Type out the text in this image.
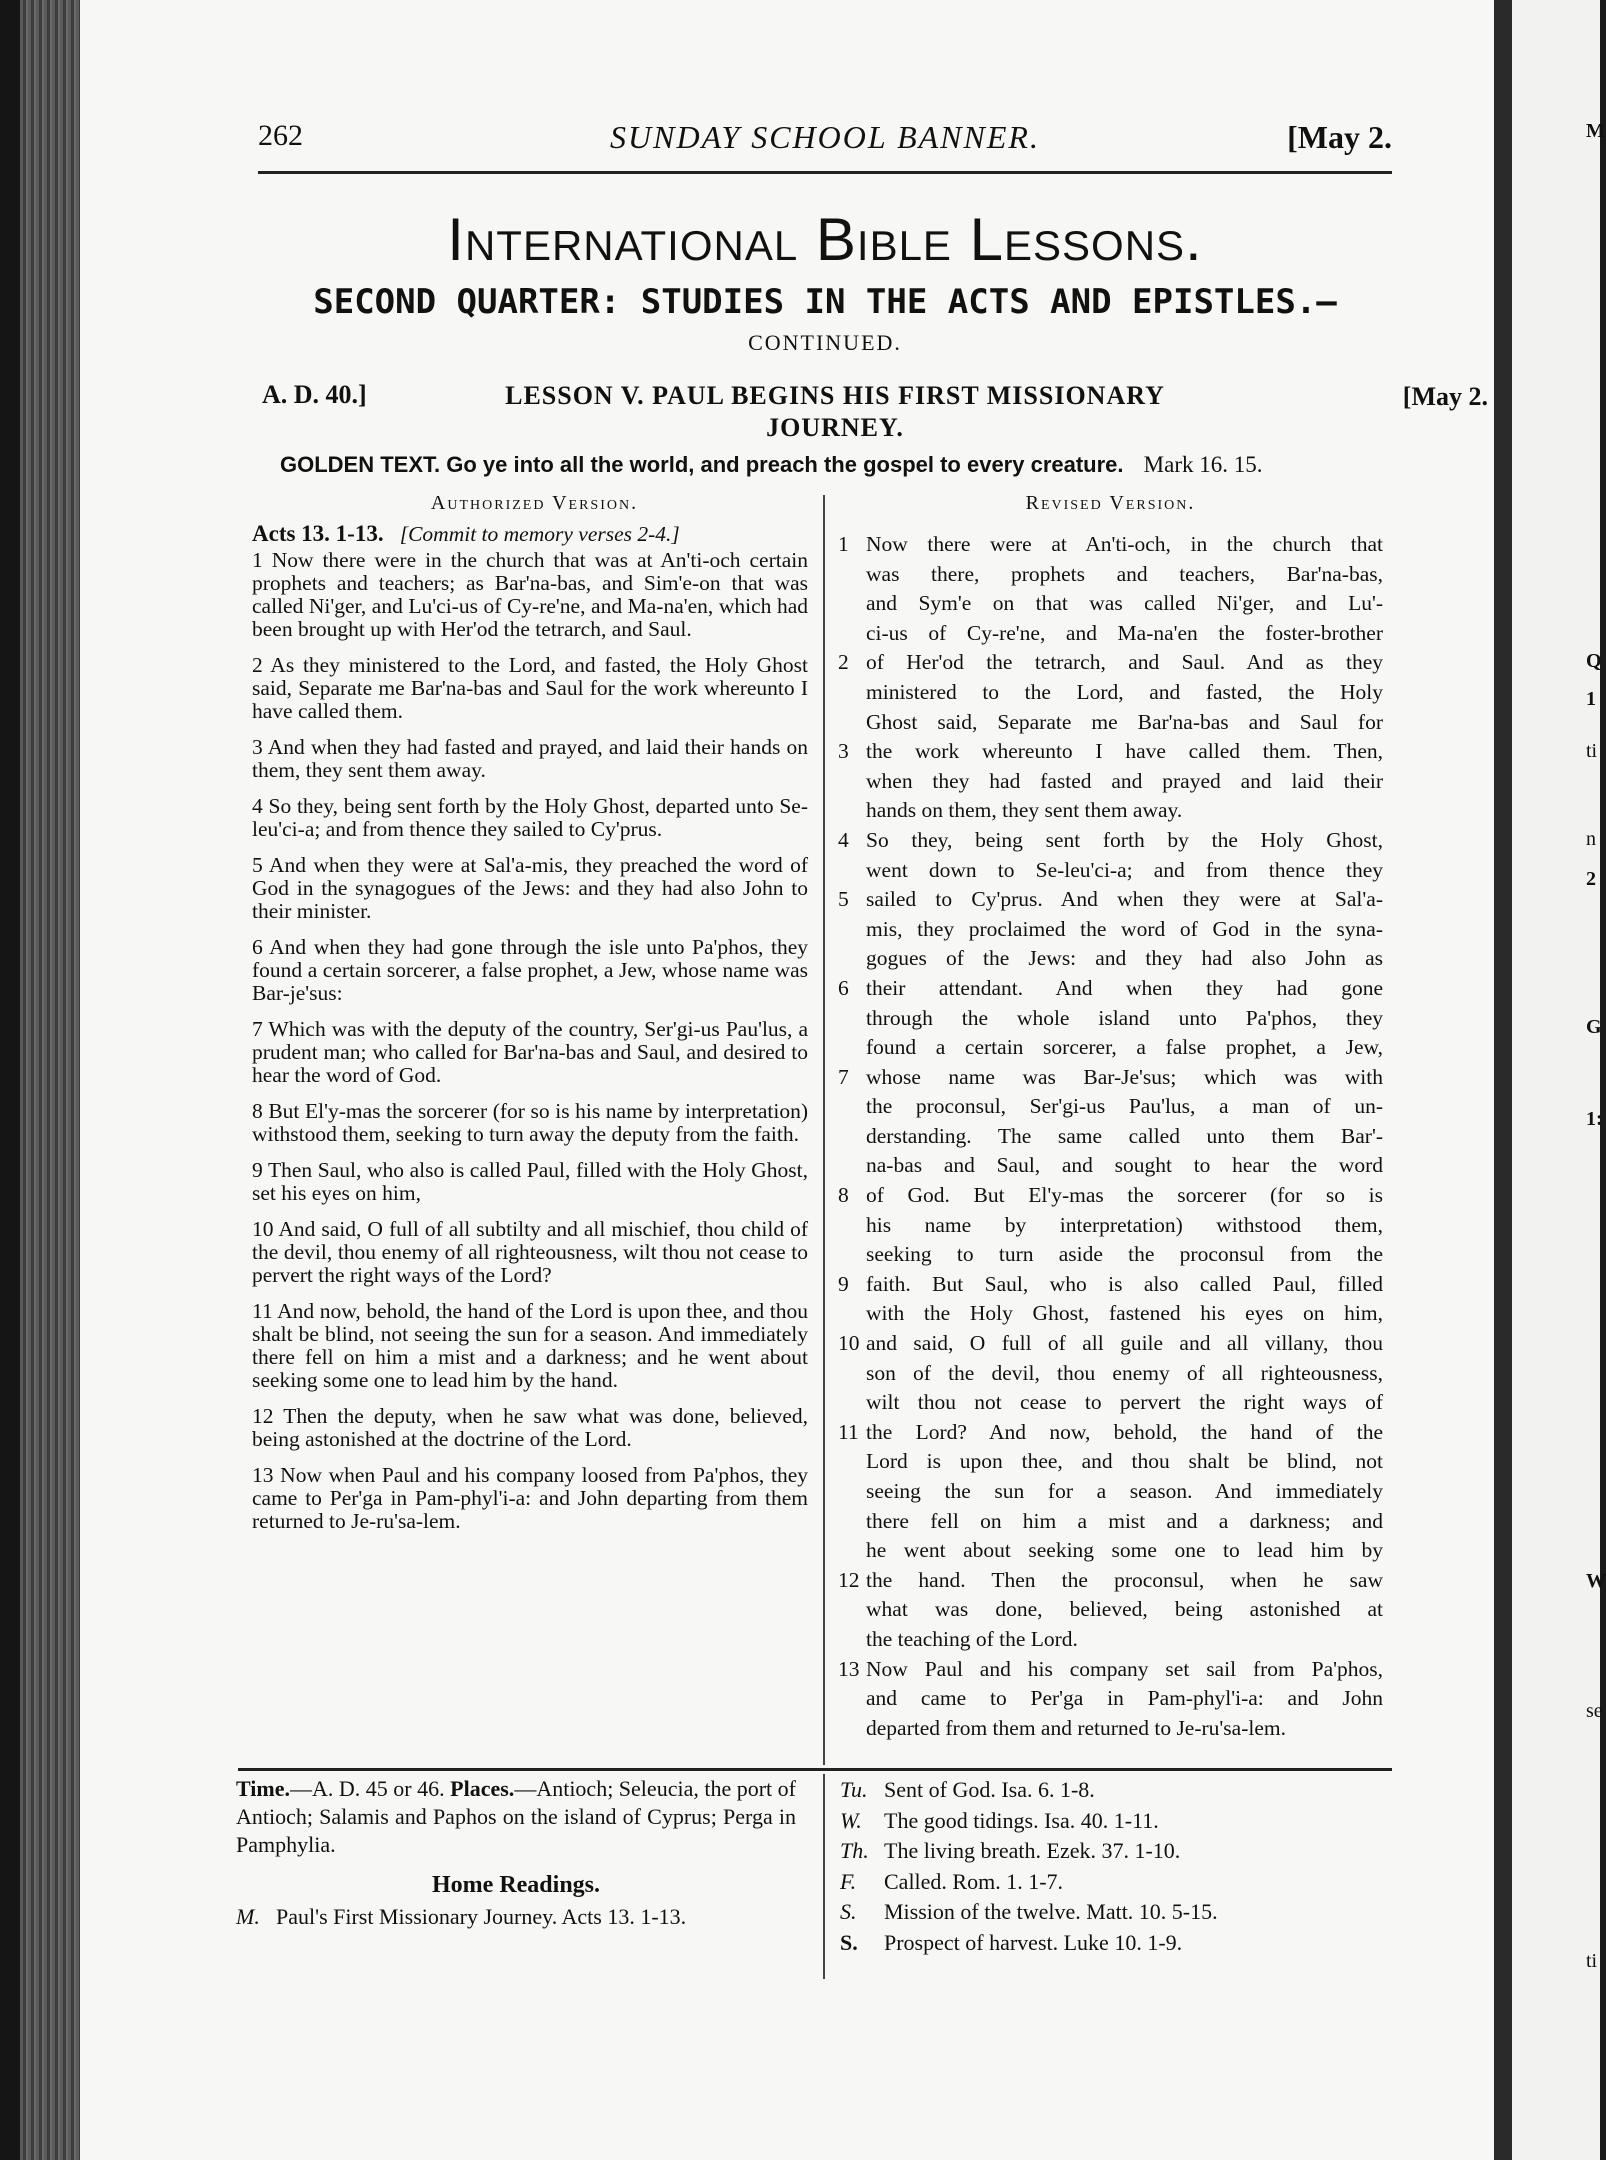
M
Q
1
ti
n
2
G
1:
W
se
ti
262	SUNDAY SCHOOL BANNER.	[May 2.
International Bible Lessons.
SECOND QUARTER: STUDIES IN THE ACTS AND EPISTLES.—
CONTINUED.
A. D. 40.]	LESSON V. PAUL BEGINS HIS FIRST MISSIONARY
JOURNEY.
[May 2.
GOLDEN TEXT. Go ye into all the world, and preach the gospel to every creature. Mark 16. 15.
Authorized Version.	Revised Version.

Acts 13. 1-13. [Commit to memory verses 2-4.]

1 Now there were in the church that was at An'ti-och certain prophets and teachers; as Bar'na-bas, and Sim'e-on that was called Ni'ger, and Lu'ci-us of Cy-re'ne, and Ma-na'en, which had been brought up with Her'od the tetrarch, and Saul.

2 As they ministered to the Lord, and fasted, the Holy Ghost said, Separate me Bar'na-bas and Saul for the work whereunto I have called them.

3 And when they had fasted and prayed, and laid their hands on them, they sent them away.

4 So they, being sent forth by the Holy Ghost, departed unto Se-leu'ci-a; and from thence they sailed to Cy'prus.

5 And when they were at Sal'a-mis, they preached the word of God in the synagogues of the Jews: and they had also John to their minister.

6 And when they had gone through the isle unto Pa'phos, they found a certain sorcerer, a false prophet, a Jew, whose name was Bar-je'sus:

7 Which was with the deputy of the country, Ser'gi-us Pau'lus, a prudent man; who called for Bar'na-bas and Saul, and desired to hear the word of God.

8 But El'y-mas the sorcerer (for so is his name by interpretation) withstood them, seeking to turn away the deputy from the faith.

9 Then Saul, who also is called Paul, filled with the Holy Ghost, set his eyes on him,

10 And said, O full of all subtilty and all mischief, thou child of the devil, thou enemy of all righteousness, wilt thou not cease to pervert the right ways of the Lord?

11 And now, behold, the hand of the Lord is upon thee, and thou shalt be blind, not seeing the sun for a season. And immediately there fell on him a mist and a darkness; and he went about seeking some one to lead him by the hand.

12 Then the deputy, when he saw what was done, believed, being astonished at the doctrine of the Lord.

13 Now when Paul and his company loosed from Pa'phos, they came to Per'ga in Pam-phyl'i-a: and John departing from them returned to Je-ru'sa-lem.

1 Now there were at An'ti-och, in the church that
was there, prophets and teachers, Bar'na-bas,
and Sym'e on that was called Ni'ger, and Lu'-
ci-us of Cy-re'ne, and Ma-na'en the foster-brother
2 of Her'od the tetrarch, and Saul. And as they
ministered to the Lord, and fasted, the Holy
Ghost said, Separate me Bar'na-bas and Saul for
3 the work whereunto I have called them. Then,
when they had fasted and prayed and laid their
hands on them, they sent them away.
4 So they, being sent forth by the Holy Ghost,
went down to Se-leu'ci-a; and from thence they
5 sailed to Cy'prus. And when they were at Sal'a-
mis, they proclaimed the word of God in the syna-
gogues of the Jews: and they had also John as
6 their attendant. And when they had gone
through the whole island unto Pa'phos, they
found a certain sorcerer, a false prophet, a Jew,
7 whose name was Bar-Je'sus; which was with
the proconsul, Ser'gi-us Pau'lus, a man of un-
derstanding. The same called unto them Bar'-
na-bas and Saul, and sought to hear the word
8 of God. But El'y-mas the sorcerer (for so is
his name by interpretation) withstood them,
seeking to turn aside the proconsul from the
9 faith. But Saul, who is also called Paul, filled
with the Holy Ghost, fastened his eyes on him,
10 and said, O full of all guile and all villany, thou
son of the devil, thou enemy of all righteousness,
wilt thou not cease to pervert the right ways of
11 the Lord? And now, behold, the hand of the
Lord is upon thee, and thou shalt be blind, not
seeing the sun for a season. And immediately
there fell on him a mist and a darkness; and
he went about seeking some one to lead him by
12 the hand. Then the proconsul, when he saw
what was done, believed, being astonished at
the teaching of the Lord.
13 Now Paul and his company set sail from Pa'phos,
and came to Per'ga in Pam-phyl'i-a: and John
departed from them and returned to Je-ru'sa-lem.
Time.—A. D. 45 or 46. Places.—Antioch; Seleucia, the port of Antioch; Salamis and Paphos on the island of Cyprus; Perga in Pamphylia.
Home Readings.
M. Paul's First Missionary Journey. Acts 13. 1-13.
Tu. Sent of God. Isa. 6. 1-8.
W. The good tidings. Isa. 40. 1-11.
Th. The living breath. Ezek. 37. 1-10.
F. Called. Rom. 1. 1-7.
S. Mission of the twelve. Matt. 10. 5-15.
S. Prospect of harvest. Luke 10. 1-9.
